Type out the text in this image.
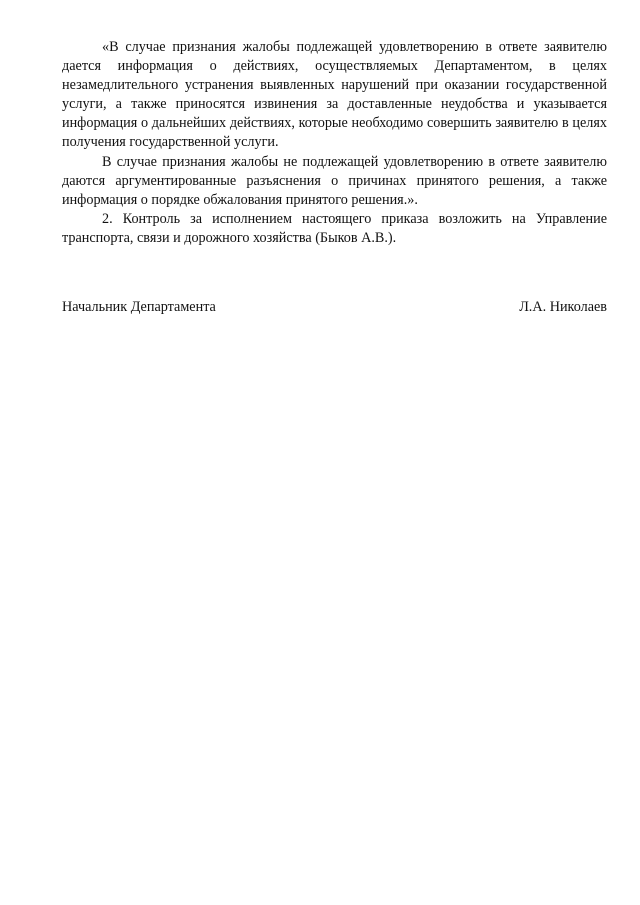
«В случае признания жалобы подлежащей удовлетворению в ответе заявителю дается информация о действиях, осуществляемых Департаментом, в целях незамедлительного устранения выявленных нарушений при оказании государственной услуги, а также приносятся извинения за доставленные неудобства и указывается информация о дальнейших действиях, которые необходимо совершить заявителю в целях получения государственной услуги.

В случае признания жалобы не подлежащей удовлетворению в ответе заявителю даются аргументированные разъяснения о причинах принятого решения, а также информация о порядке обжалования принятого решения.».

2. Контроль за исполнением настоящего приказа возложить на Управление транспорта, связи и дорожного хозяйства (Быков А.В.).

Начальник Департамента	Л.А. Николаев
